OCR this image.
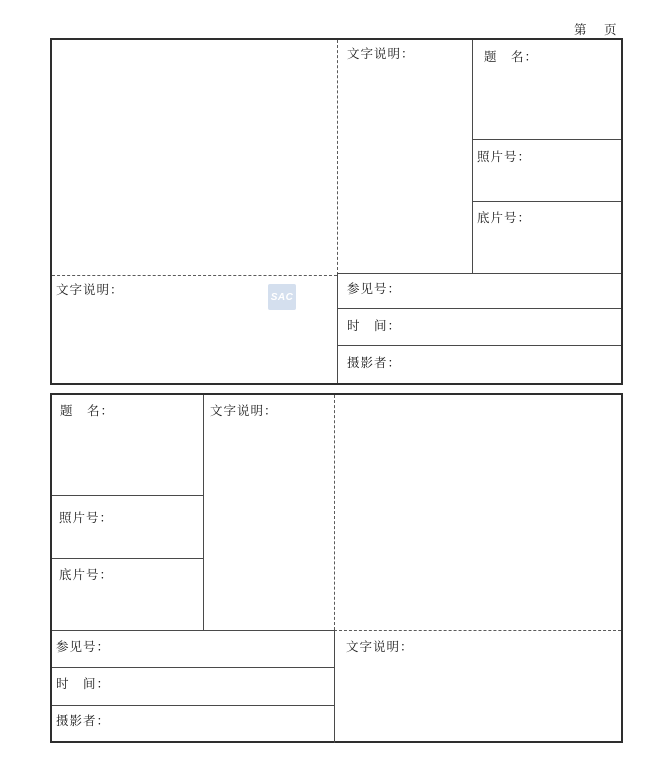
第 页
文字说明：	题　名：
照片号：
底片号：
文字说明：	参见号：
时　间：
摄影者：
SAC
题　名：	文字说明：
照片号：
底片号：
参见号：
时　间：
摄影者：
文字说明：
